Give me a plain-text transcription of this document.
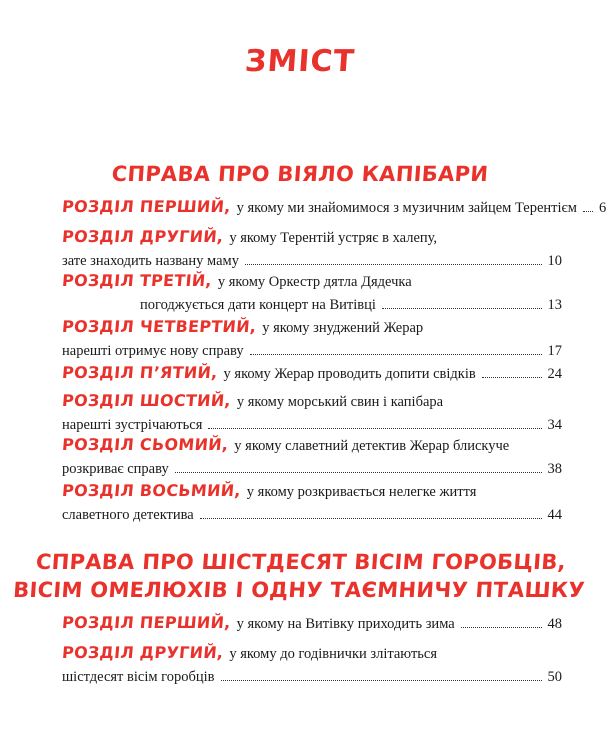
ЗМІСТ
СПРАВА ПРО ВІЯЛО КАПІБАРИ
РОЗДІЛ ПЕРШИЙ, у якому ми знайомимося з музичним зайцем Терентієм 6
РОЗДІЛ ДРУГИЙ, у якому Терентій устряє в халепу,
зате знаходить названу маму	10
РОЗДІЛ ТРЕТІЙ, у якому Оркестр дятла Дядечка
погоджується дати концерт на Витівці	13
РОЗДІЛ ЧЕТВЕРТИЙ, у якому знуджений Жерар
нарешті отримує нову справу	17
РОЗДІЛ П’ЯТИЙ, у якому Жерар проводить допити свідків	24
РОЗДІЛ ШОСТИЙ, у якому морський свин і капібара
нарешті зустрічаються	34
РОЗДІЛ СЬОМИЙ, у якому славетний детектив Жерар блискуче
розкриває справу	38
РОЗДІЛ ВОСЬМИЙ, у якому розкривається нелегке життя
славетного детектива	44
СПРАВА ПРО ШІСТДЕСЯТ ВІСІМ ГОРОБЦІВ,
ВІСІМ ОМЕЛЮХІВ І ОДНУ ТАЄМНИЧУ ПТАШКУ
РОЗДІЛ ПЕРШИЙ, у якому на Витівку приходить зима	48
РОЗДІЛ ДРУГИЙ, у якому до годівнички злітаються
шістдесят вісім горобців	50
